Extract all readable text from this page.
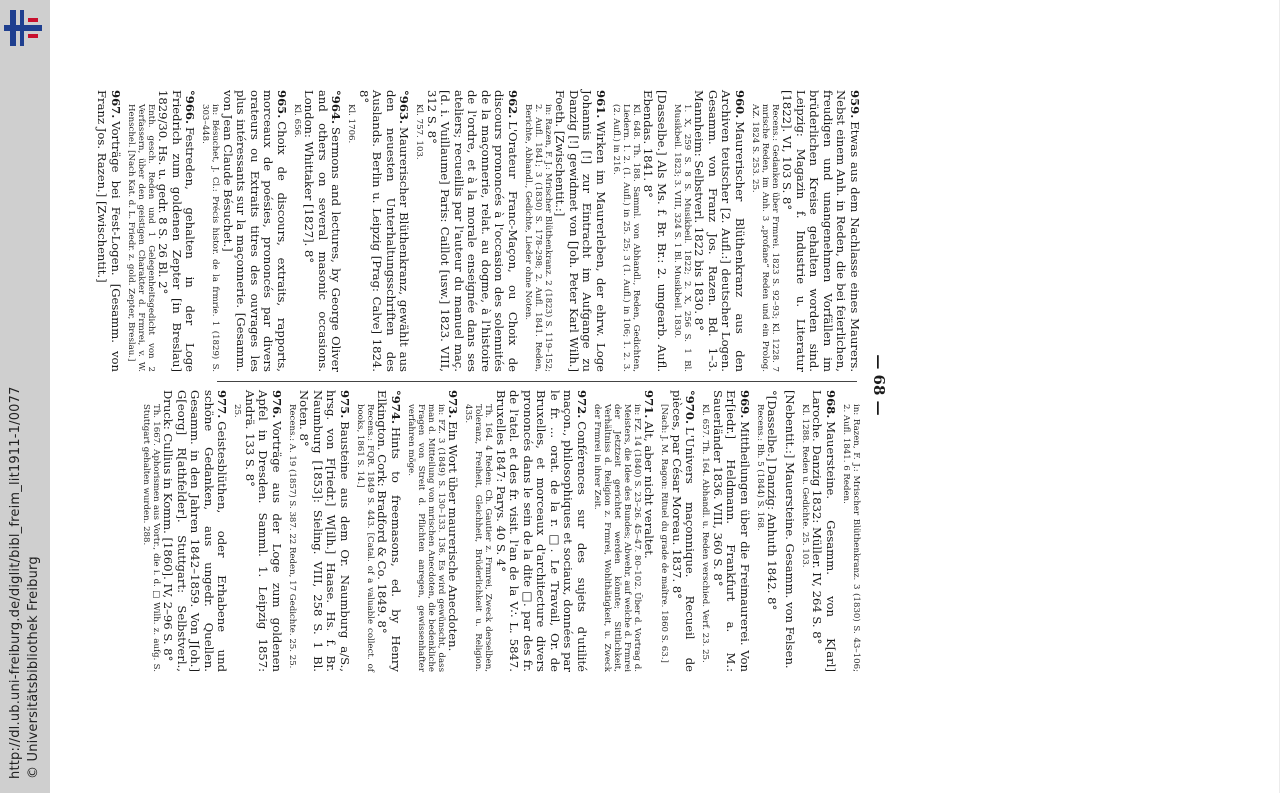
http://dl.ub.uni-freiburg.de/diglit/bibl_freim_lit1911-1/0077 © Universitätsbibliothek Freiburg
— 68 —

959.Etwas aus dem Nachlasse eines Maurers. Nebst einem Anh. in Reden, die bei feierlichen, freudigen und unangenehmen Vorfällen im brüderlichen Kreise gehalten worden sind. Leipzig: Magazin f. Industrie u. Literatur [1822]. VI, 103 S. 8°
Recens.: Gedanken über Frmrei. 1823 S. 92–93; Kl. 1228. 7 mrische Reden, im Anh. 3 „profane“ Reden und ein Prolog. AZ. 1824 S. 253. 25.

960.Maurerischer Blüthenkranz aus den Archiven teutscher [2. Aufl.:] deutscher Logen. Gesamm. von Franz Jos. Razen. Bd. 1–3. Mannheim: Selbstverl. 1822 bis 1830. 8°
1. X, 259 S. 8 S. Musikbeil. 1822; 2. X, 256 S. 1 Bl. Musikbeil. 1823; 3. VIII, 324 S. 1 Bl. Musikbeil. 1830.

[Dasselbe.] Als Ms. f. Br. Br.: 2. umgearb. Aufl. Ebendas. 1841. 8°
Kl. 648. Th. 188. Samml. von Abhandl., Reden, Gedichten, Liedern. 1. 2. (1. Aufl.) in 25. 25; 3 (1. Aufl.) in 106; 1. 2. 3. (2. Aufl.) in 216.

961.Wirken im Maurerleben, der ehrw. Loge Johannis [!] zur Eintracht im Aufgange zu Danzig [!] gewidmet von [Joh. Peter Karl Wilh.] Foeth. [Zwischentit.:]
in: Razen, F. J.: Mrischer Blüthenkranz. 2 (1823) S. 119–152; 2. Aufl. 1841; 3 (1830) S. 178–298; 2. Aufl. 1841. Reden, Berichte, Abhandl., Gedichte, Lieder ohne Noten.

962.L'Orateur Franc-Maçon, ou Choix de discours prononcés à l'occasion des solennités de la maçonnerie, relat. au dogme, à l'histoire de l'ordre, et à la morale enseignée dans ses ateliers; recueillis par l'auteur du manuel maç. [d. i. Vuillaume] Paris: Caillot [usw.] 1823. VIII, 312 S. 8°
Kl. 757. 103.

°963.Maurerischer Blüthenkranz, gewählt aus den neuesten Unterhaltungsschriften des Auslands. Berlin u. Leipzig [Prag: Calve] 1824. 8°
Kl. 1706.

°964.Sermons and lectures, by George Oliver and others on several masonic occasions. London: Whittaker [1827]. 8°
Kl. 656.

965.Choix de discours, extraits, rapports, morceaux de poésies, prononcés par divers orateurs ou Extraits titres des ouvrages les plus intéressants sur la maçonnerie. [Gesamm. von Jean Claude Bésuchet.]
in: Bésuchet, J. Cl.: Précis histor. de la frmrie. 1 (1829) S. 303–448.

°966.Festreden, gehalten in der Loge Friedrich zum goldenen Zepter [in Breslau] 1829/30. Hs. u. gedr. 8 S. 26 Bl. 2°
Enth. gesch. Reden und 1 Gelegenheitsgedicht von 2 Verfassern, über den geistigen Charakter d. Frmrei, v. W. Henschel. [Nach Kat. d. L. Friedr. z. gold. Zepter, Breslau.]

967.Vorträge bei Fest-Logen. [Gesamm. von Franz Jos. Razen.] [Zwischentit.]

in: Razen, F. J.: Mrischer Blüthenkranz. 3 (1830) S. 43–106; 2. Aufl. 1841. 6 Reden.

968.Mauersteine. Gesamm. von K[arl] Laroche. Danzig 1832: Müller. IV, 264 S. 8°
Kl. 1288. Reden u. Gedichte. 25. 103.

[Nebentit.:] Mauersteine. Gesamm. von Felsen.

°[Dasselbe.] Danzig: Anhuth 1842. 8°
Recens.: Bh. 5 (1844) S. 168.

969.Mittheilungen über die Freimaurerei. Von Er[iedr.] Heldmann. Frankfurt a. M.: Sauerländer 1836. VIII, 360 S. 8°
Kl. 657. Th. 164. Abhandl. u. Reden verschied. Verf. 23. 25.

°970.L'Univers maçonnique. Recueil de pièces, par César Moreau. 1837. 8°
[Nach: J. M. Ragon: Rituel du grade de maître. 1860 S. 63.]

971.Alt, aber nicht veraltet.
in: FZ. 14 (1840) S. 23–26. 45–47. 80–102. Über d. Vortrag d. Meisters, die Idee des Bundes; Abwehr, auf welche d. Frmrei der Jetztzeit gerichtet werden könnte; Sittlichkeit, Verhältniss d. Religion z. Frmrei, Wohlthätigkeit, u. Zweck der Frmrei in ihrer Zeit.

972.Conférences sur des sujets d'utilité maçon., philosophiques et sociaux, données par le fr. ... orat. de la r. □. Le Travail, Or. de Bruxelles, et morceaux d'architecture divers prononcés dans le sein de la dite □. par des fr. de l'atel. et des fr. visit. l'an de la V∴ L. 5847. Bruxelles 1847: Parys. 40 S. 4°
Th. 164. 4 Reden: Ch. Gautier z. Frmrei, Zweck derselben, Toleranz, Freiheit, Gleichheit, Brüderlichkeit u. Religion. 435.

973.Ein Wort über maurerische Anecdoten.
in: FZ. 3 (1849) S. 130–133. 136. Es wird gewünscht, dass man d. Mitteilung von mrischen Anecdoten, die bedenkliche Fragen von Streit d. Pflichten anregen, gewissenhafter verfahren möge.

°974.Hints to freemasons, ed. by Henry Elkington. Cork: Bradford & Co. 1849. 8°
Recens.: FQR. 1849 S. 443. [Catal. of a valuable collect. of books, 1861 S. 14.]

975.Bausteine aus dem Or. Naumburg a/S., hrsg. von F[riedr.] W[ilh.] Haase. Hs. f. Br. Naumburg [1853]: Sieling. VIII, 258 S. 1 Bl. Noten. 8°
Recens.: A. 19 (1857) S. 387. 22 Reden, 17 Gedichte. 25. 25.

976.Vorträge aus der Loge zum goldenen Apfel in Dresden. Samml. 1. Leipzig 1857: Andrä. 133 S. 8°
25.

977.Geistesblüthen, oder Erhabene und schöne Gedanken, aus ungedr. Quellen. Gesamm. in den Jahren 1842–1859. Von J[oh.] G[eorg] R[athfelder]. Stuttgart: Selbstverl., Druck: Cullius in Komm. [1860]. IV, 2–96 S. 8°
Th. 1667. Aphorismen aus Vortr., die i. d. □ Wilh. z. aufg. S. Stuttgart gehalten wurden. 288.
